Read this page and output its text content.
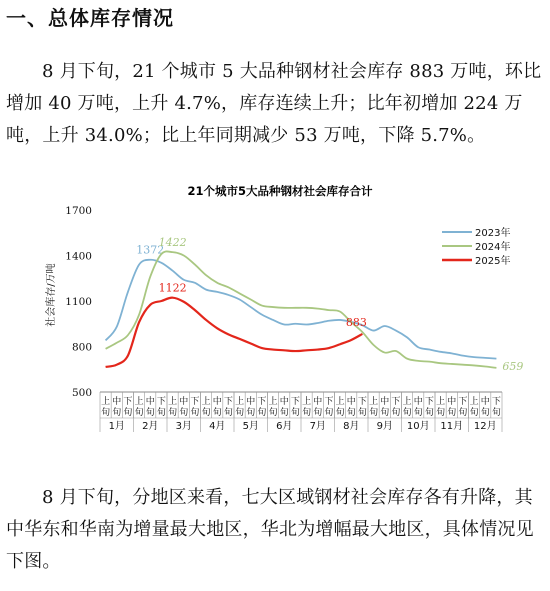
一、总体库存情况

8 月下旬，21 个城市 5 大品种钢材社会库存 883 万吨，环比增加 40 万吨，上升 4.7%，库存连续上升；比年初增加 224 万吨，上升 34.0%；比上年同期减少 53 万吨，下降 5.7%。

21个城市5大品种钢材社会库存合计
社会库存/万吨
500
800
1100
1400
1700
上旬
中旬
下旬
1月
上旬
中旬
下旬
2月
上旬
中旬
下旬
3月
上旬
中旬
下旬
4月
上旬
中旬
下旬
5月
上旬
中旬
下旬
6月
上旬
中旬
下旬
7月
上旬
中旬
下旬
8月
上旬
中旬
下旬
9月
上旬
中旬
下旬
10月
上旬
中旬
下旬
11月
上旬
中旬
下旬
12月
1372
1422
659
1122
883
2023年
2024年
2025年

8 月下旬，分地区来看，七大区域钢材社会库存各有升降，其中华东和华南为增量最大地区，华北为增幅最大地区，具体情况见下图。
